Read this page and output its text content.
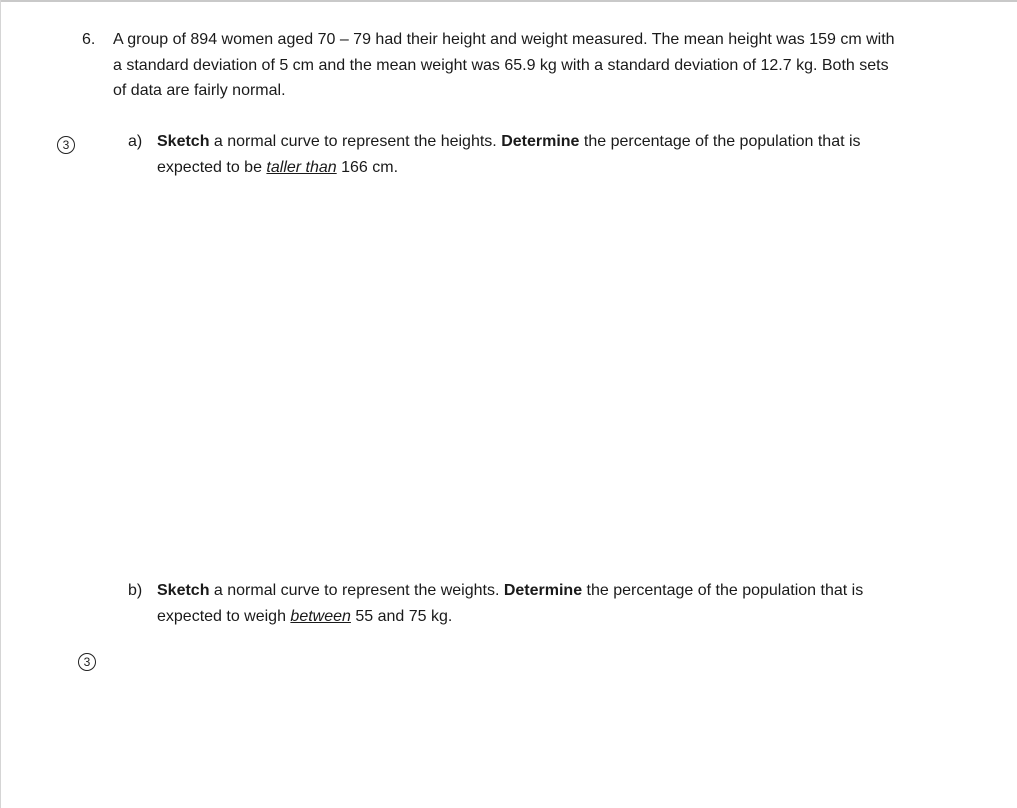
6. A group of 894 women aged 70 – 79 had their height and weight measured. The mean height was 159 cm with
a standard deviation of 5 cm and the mean weight was 65.9 kg with a standard deviation of 12.7 kg. Both sets
of data are fairly normal.
3	a) Sketch a normal curve to represent the heights. Determine the percentage of the population that is
expected to be taller than 166 cm.
b) Sketch a normal curve to represent the weights. Determine the percentage of the population that is
expected to weigh between 55 and 75 kg.
3
